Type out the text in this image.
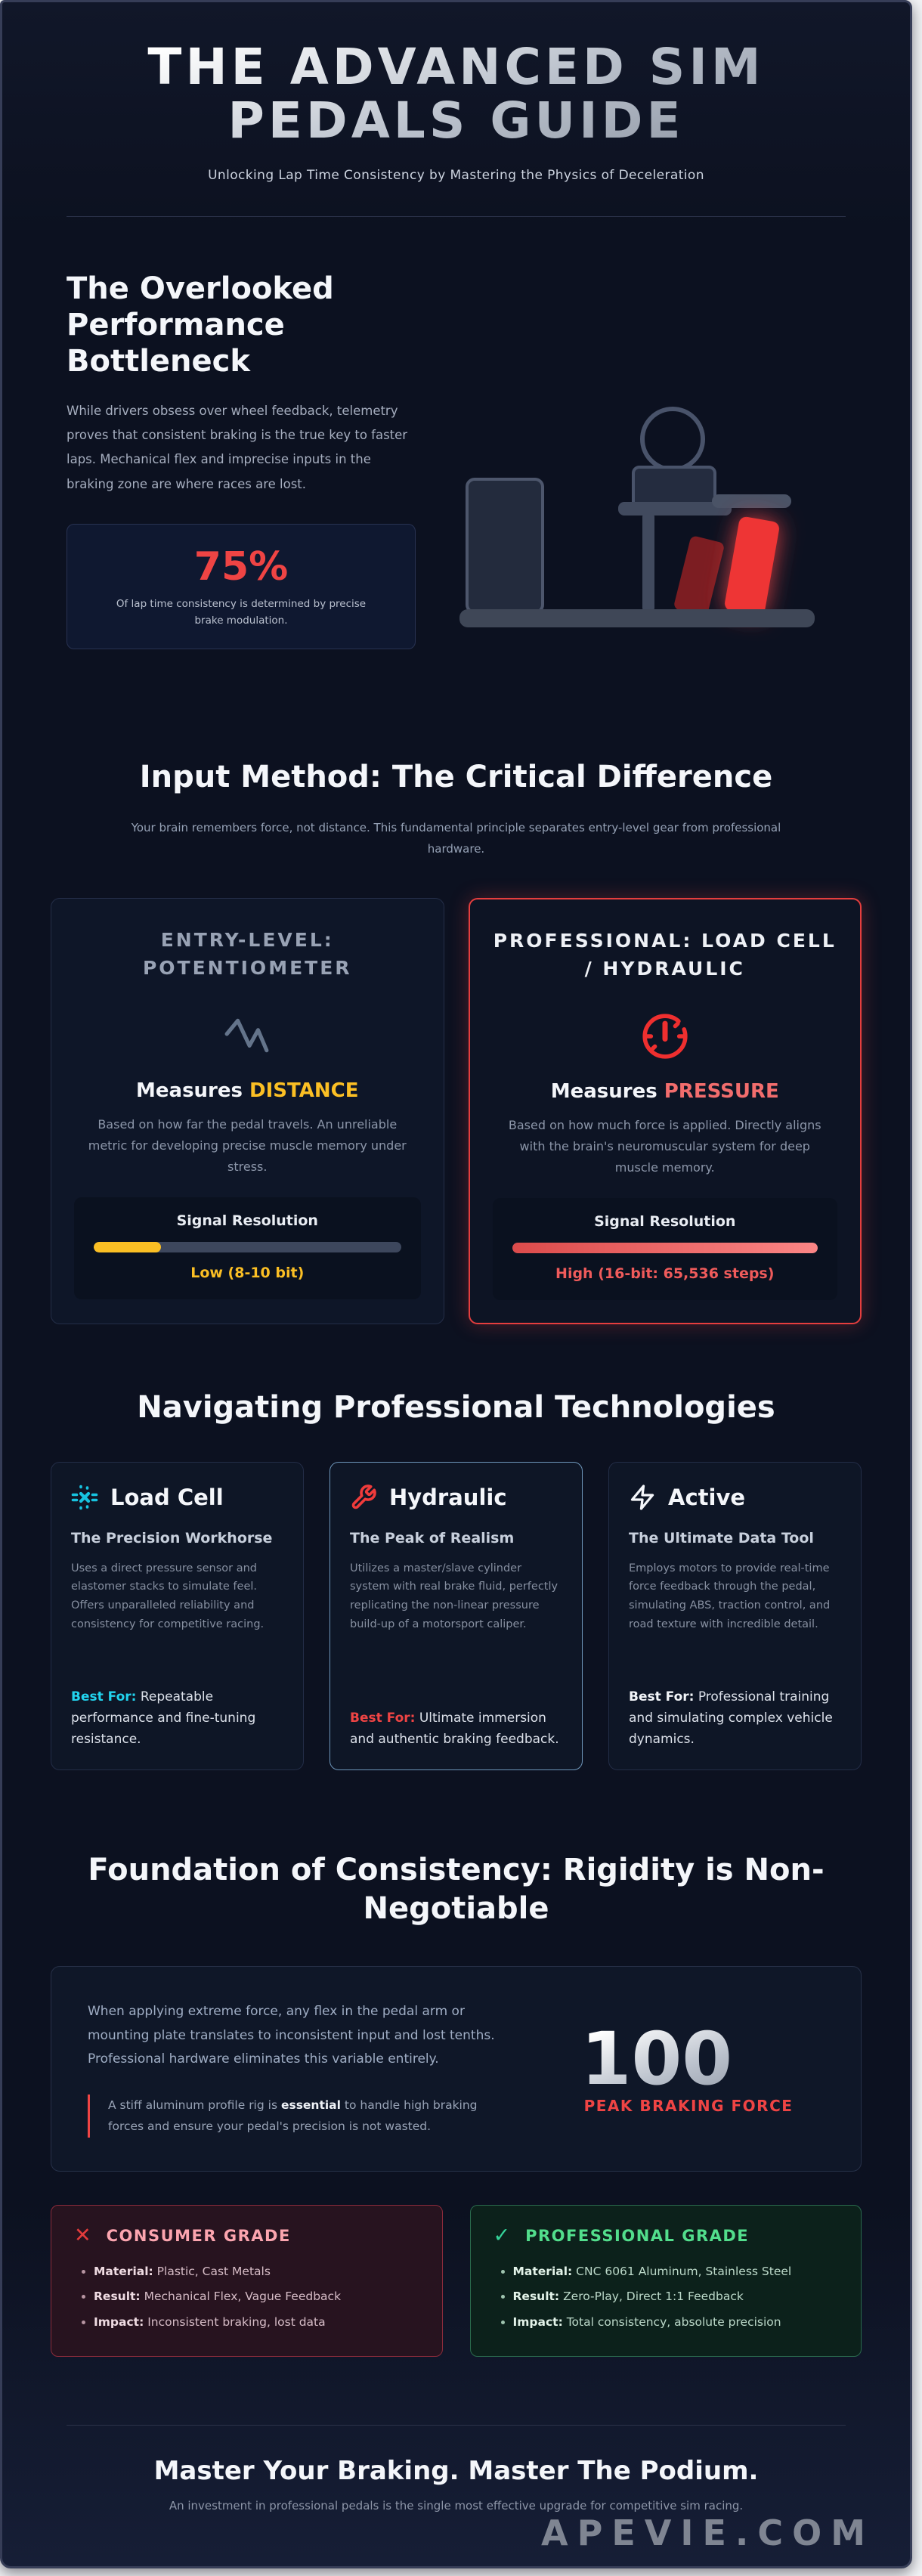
THE ADVANCED SIM
PEDALS GUIDE
Unlocking Lap Time Consistency by Mastering the Physics of Deceleration
The Overlooked Performance Bottleneck

While drivers obsess over wheel feedback, telemetry proves that consistent braking is the true key to faster laps. Mechanical flex and imprecise inputs in the braking zone are where races are lost.

75%
Of lap time consistency is determined by precise brake modulation.
Input Method: The Critical Difference

Your brain remembers force, not distance. This fundamental principle separates entry-level gear from professional hardware.

ENTRY-LEVEL: POTENTIOMETER
Measures DISTANCE

Based on how far the pedal travels. An unreliable metric for developing precise muscle memory under stress.

Signal Resolution
Low (8-10 bit)
PROFESSIONAL: LOAD CELL / HYDRAULIC
Measures PRESSURE

Based on how much force is applied. Directly aligns with the brain's neuromuscular system for deep muscle memory.

Signal Resolution
High (16-bit: 65,536 steps)
Navigating Professional Technologies
Load Cell
The Precision Workhorse

Uses a direct pressure sensor and elastomer stacks to simulate feel. Offers unparalleled reliability and consistency for competitive racing.

Best For: Repeatable performance and fine-tuning resistance.
Hydraulic
The Peak of Realism

Utilizes a master/slave cylinder system with real brake fluid, perfectly replicating the non-linear pressure build-up of a motorsport caliper.

Best For: Ultimate immersion and authentic braking feedback.
Active
The Ultimate Data Tool

Employs motors to provide real-time force feedback through the pedal, simulating ABS, traction control, and road texture with incredible detail.

Best For: Professional training and simulating complex vehicle dynamics.
Foundation of Consistency: Rigidity is Non-Negotiable

When applying extreme force, any flex in the pedal arm or mounting plate translates to inconsistent input and lost tenths. Professional hardware eliminates this variable entirely.

A stiff aluminum profile rig is essential to handle high braking forces and ensure your pedal's precision is not wasted.
100kg+
PEAK BRAKING FORCE
✕ CONSUMER GRADE
• Material: Plastic, Cast Metals
• Result: Mechanical Flex, Vague Feedback
• Impact: Inconsistent braking, lost data
✓ PROFESSIONAL GRADE
• Material: CNC 6061 Aluminum, Stainless Steel
• Result: Zero-Play, Direct 1:1 Feedback
• Impact: Total consistency, absolute precision
Master Your Braking. Master The Podium.

An investment in professional pedals is the single most effective upgrade for competitive sim racing.

APEVIE.COM
